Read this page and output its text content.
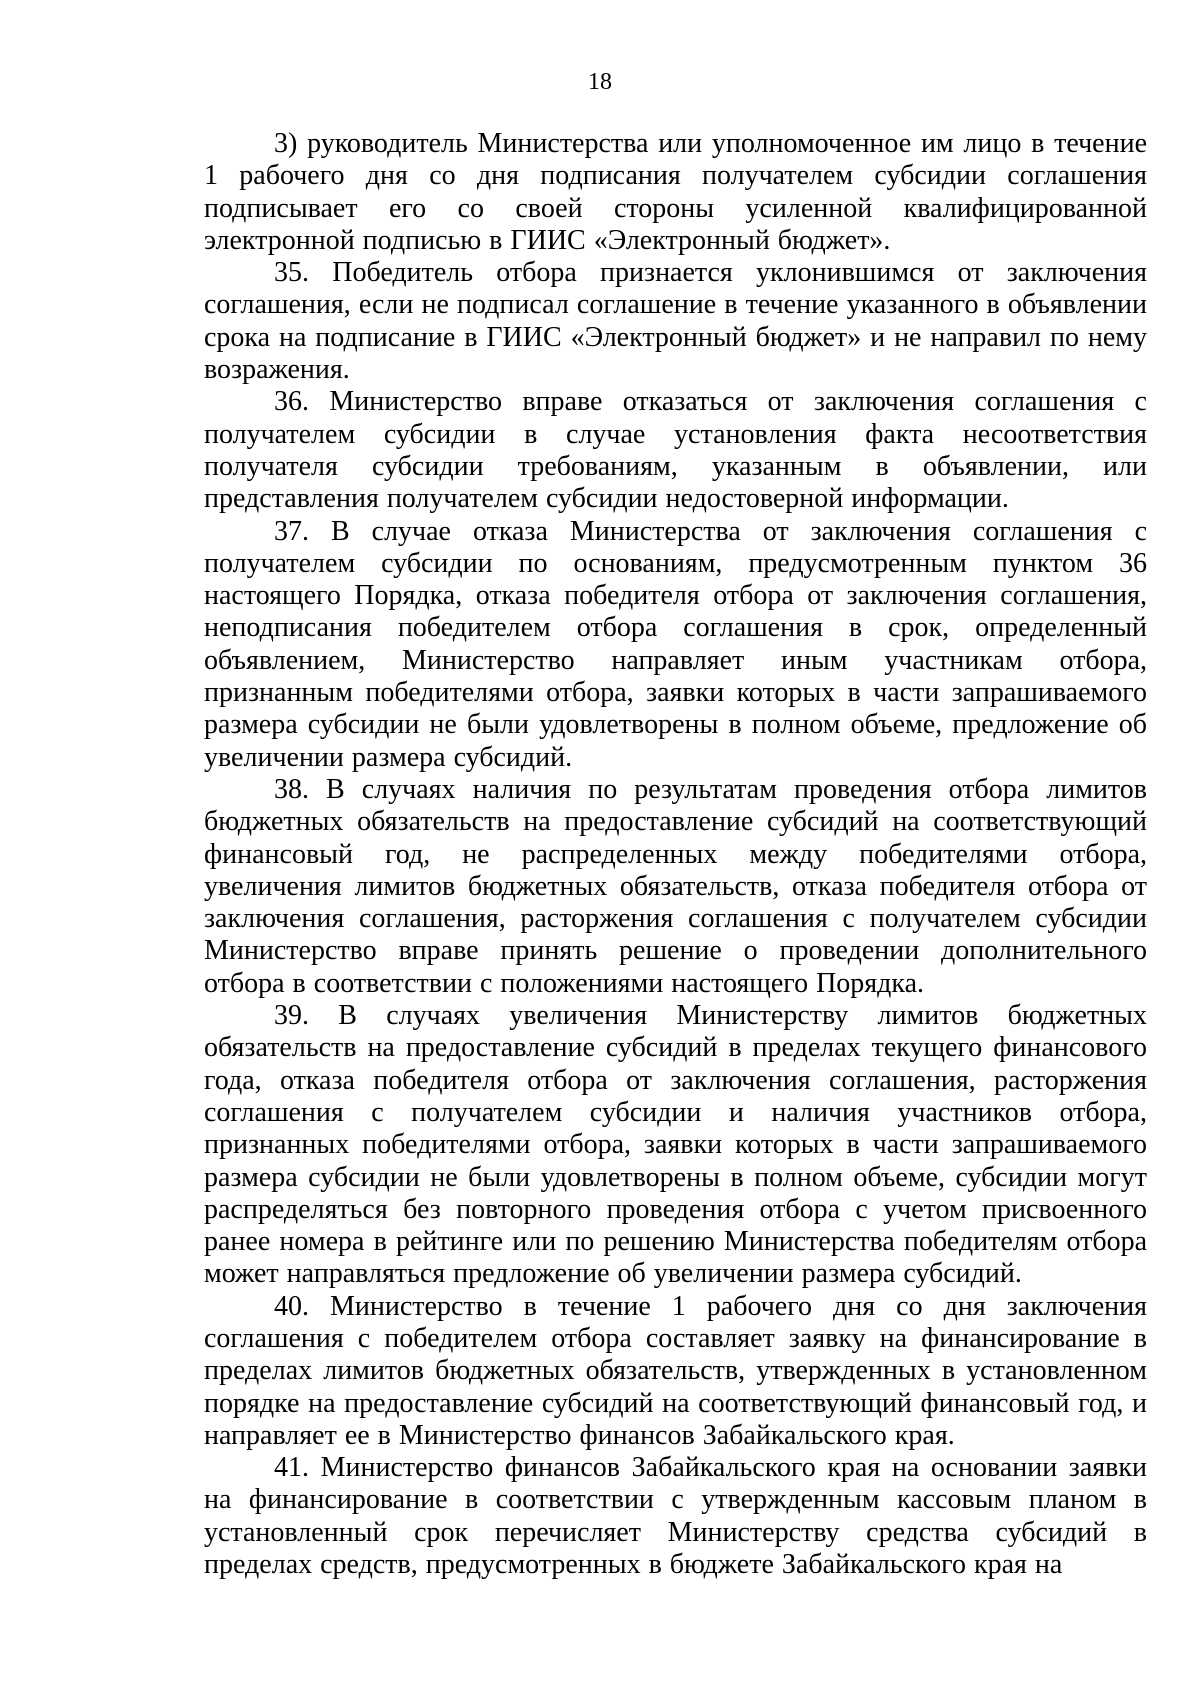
18

3) руководитель Министерства или уполномоченное им лицо в течение 1 рабочего дня со дня подписания получателем субсидии соглашения подписывает его со своей стороны усиленной квалифицированной электронной подписью в ГИИС «Электронный бюджет».

35. Победитель отбора признается уклонившимся от заключения соглашения, если не подписал соглашение в течение указанного в объявлении срока на подписание в ГИИС «Электронный бюджет» и не направил по нему возражения.

36. Министерство вправе отказаться от заключения соглашения с получателем субсидии в случае установления факта несоответствия получателя субсидии требованиям, указанным в объявлении, или представления получателем субсидии недостоверной информации.

37. В случае отказа Министерства от заключения соглашения с получателем субсидии по основаниям, предусмотренным пунктом 36 настоящего Порядка, отказа победителя отбора от заключения соглашения, неподписания победителем отбора соглашения в срок, определенный объявлением, Министерство направляет иным участникам отбора, признанным победителями отбора, заявки которых в части запрашиваемого размера субсидии не были удовлетворены в полном объеме, предложение об увеличении размера субсидий.

38. В случаях наличия по результатам проведения отбора лимитов бюджетных обязательств на предоставление субсидий на соответствующий финансовый год, не распределенных между победителями отбора, увеличения лимитов бюджетных обязательств, отказа победителя отбора от заключения соглашения, расторжения соглашения с получателем субсидии Министерство вправе принять решение о проведении дополнительного отбора в соответствии с положениями настоящего Порядка.

39. В случаях увеличения Министерству лимитов бюджетных обязательств на предоставление субсидий в пределах текущего финансового года, отказа победителя отбора от заключения соглашения, расторжения соглашения с получателем субсидии и наличия участников отбора, признанных победителями отбора, заявки которых в части запрашиваемого размера субсидии не были удовлетворены в полном объеме, субсидии могут распределяться без повторного проведения отбора с учетом присвоенного ранее номера в рейтинге или по решению Министерства победителям отбора может направляться предложение об увеличении размера субсидий.

40. Министерство в течение 1 рабочего дня со дня заключения соглашения с победителем отбора составляет заявку на финансирование в пределах лимитов бюджетных обязательств, утвержденных в установленном порядке на предоставление субсидий на соответствующий финансовый год, и направляет ее в Министерство финансов Забайкальского края.

41. Министерство финансов Забайкальского края на основании заявки на финансирование в соответствии с утвержденным кассовым планом в установленный срок перечисляет Министерству средства субсидий в пределах средств, предусмотренных в бюджете Забайкальского края на
